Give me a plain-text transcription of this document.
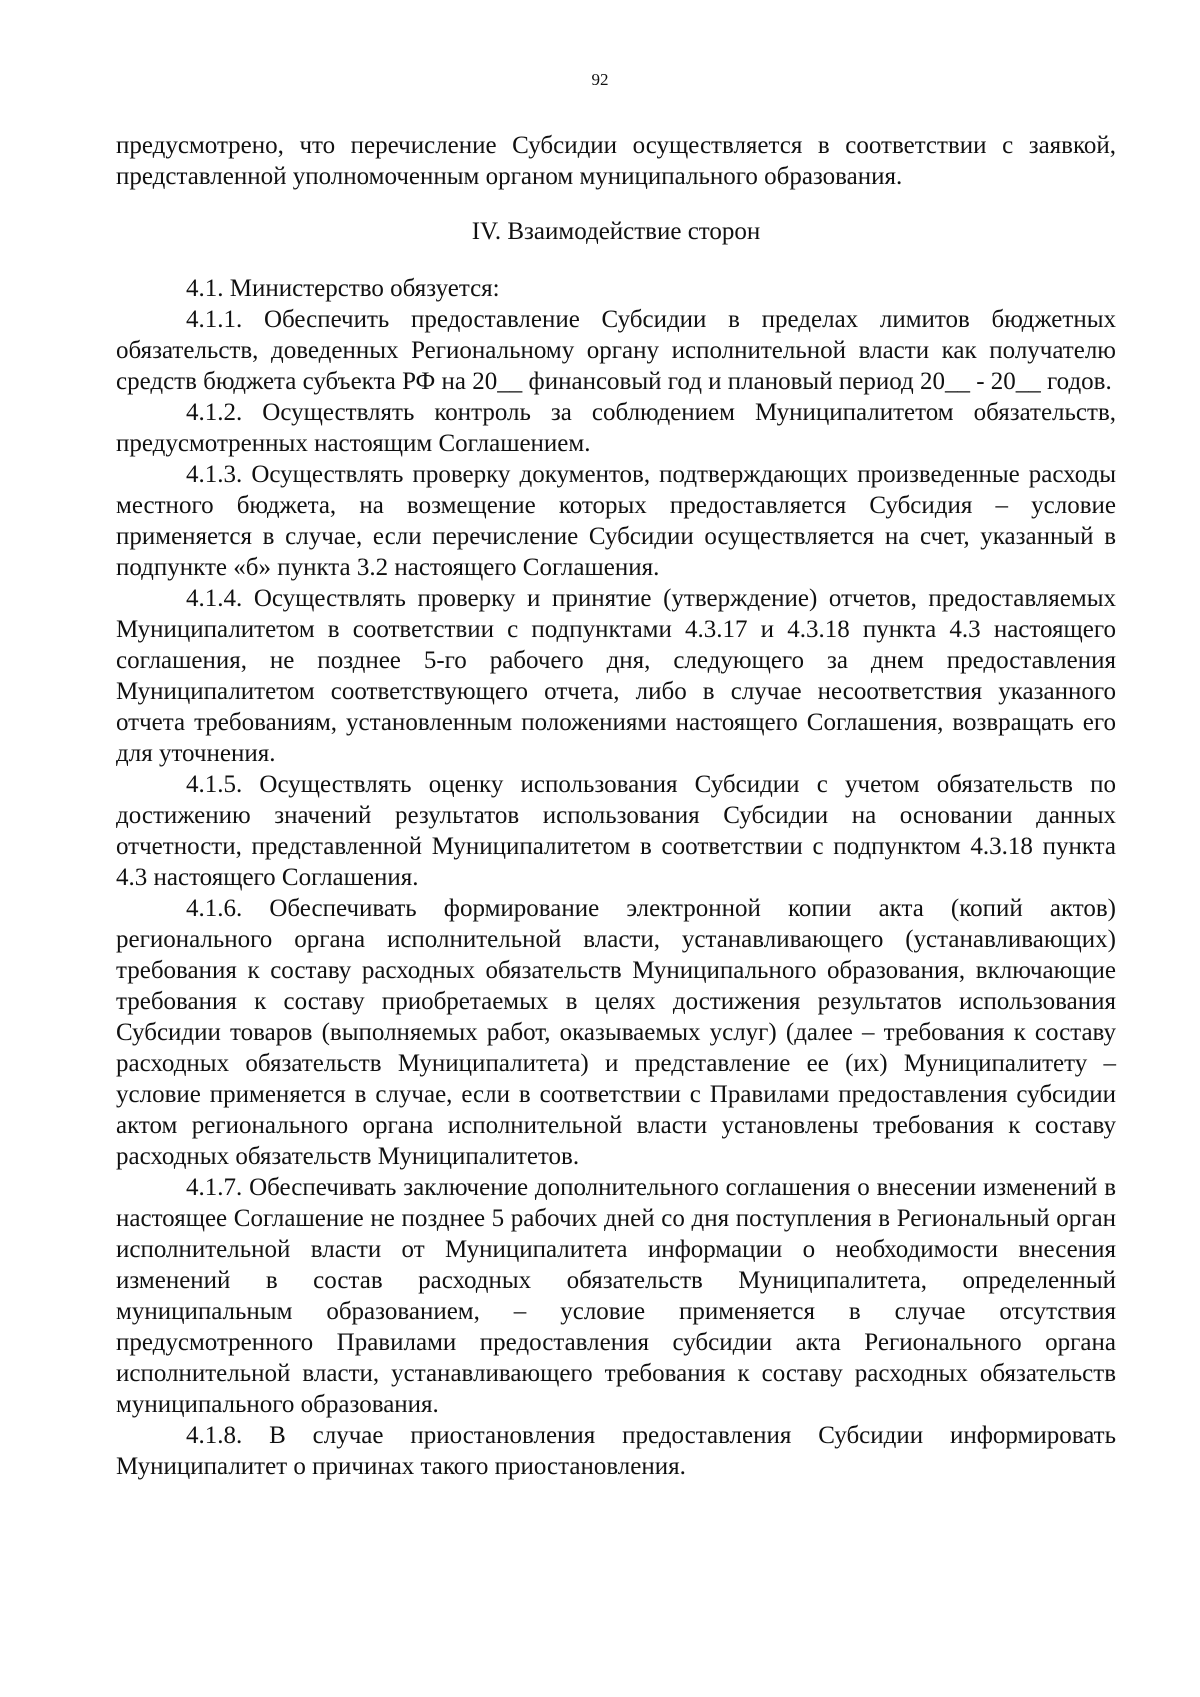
92

предусмотрено, что перечисление Субсидии осуществляется в соответствии с заявкой, представленной уполномоченным органом муниципального образования.

IV. Взаимодействие сторон

4.1. Министерство обязуется:

4.1.1. Обеспечить предоставление Субсидии в пределах лимитов бюджетных обязательств, доведенных Региональному органу исполнительной власти как получателю средств бюджета субъекта РФ на 20__ финансовый год и плановый период 20__ - 20__ годов.

4.1.2. Осуществлять контроль за соблюдением Муниципалитетом обязательств, предусмотренных настоящим Соглашением.

4.1.3. Осуществлять проверку документов, подтверждающих произведенные расходы местного бюджета, на возмещение которых предоставляется Субсидия – условие применяется в случае, если перечисление Субсидии осуществляется на счет, указанный в подпункте «б» пункта 3.2 настоящего Соглашения.

4.1.4. Осуществлять проверку и принятие (утверждение) отчетов, предоставляемых Муниципалитетом в соответствии с подпунктами 4.3.17 и 4.3.18 пункта 4.3 настоящего соглашения, не позднее 5-го рабочего дня, следующего за днем предоставления Муниципалитетом соответствующего отчета, либо в случае несоответствия указанного отчета требованиям, установленным положениями настоящего Соглашения, возвращать его для уточнения.

4.1.5. Осуществлять оценку использования Субсидии с учетом обязательств по достижению значений результатов использования Субсидии на основании данных отчетности, представленной Муниципалитетом в соответствии с подпунктом 4.3.18 пункта 4.3 настоящего Соглашения.

4.1.6. Обеспечивать формирование электронной копии акта (копий актов) регионального органа исполнительной власти, устанавливающего (устанавливающих) требования к составу расходных обязательств Муниципального образования, включающие требования к составу приобретаемых в целях достижения результатов использования Субсидии товаров (выполняемых работ, оказываемых услуг) (далее – требования к составу расходных обязательств Муниципалитета) и представление ее (их) Муниципалитету – условие применяется в случае, если в соответствии с Правилами предоставления субсидии актом регионального органа исполнительной власти установлены требования к составу расходных обязательств Муниципалитетов.

4.1.7. Обеспечивать заключение дополнительного соглашения о внесении изменений в настоящее Соглашение не позднее 5 рабочих дней со дня поступления в Региональный орган исполнительной власти от Муниципалитета информации о необходимости внесения изменений в состав расходных обязательств Муниципалитета, определенный муниципальным образованием, – условие применяется в случае отсутствия предусмотренного Правилами предоставления субсидии акта Регионального органа исполнительной власти, устанавливающего требования к составу расходных обязательств муниципального образования.

4.1.8. В случае приостановления предоставления Субсидии информировать Муниципалитет о причинах такого приостановления.
